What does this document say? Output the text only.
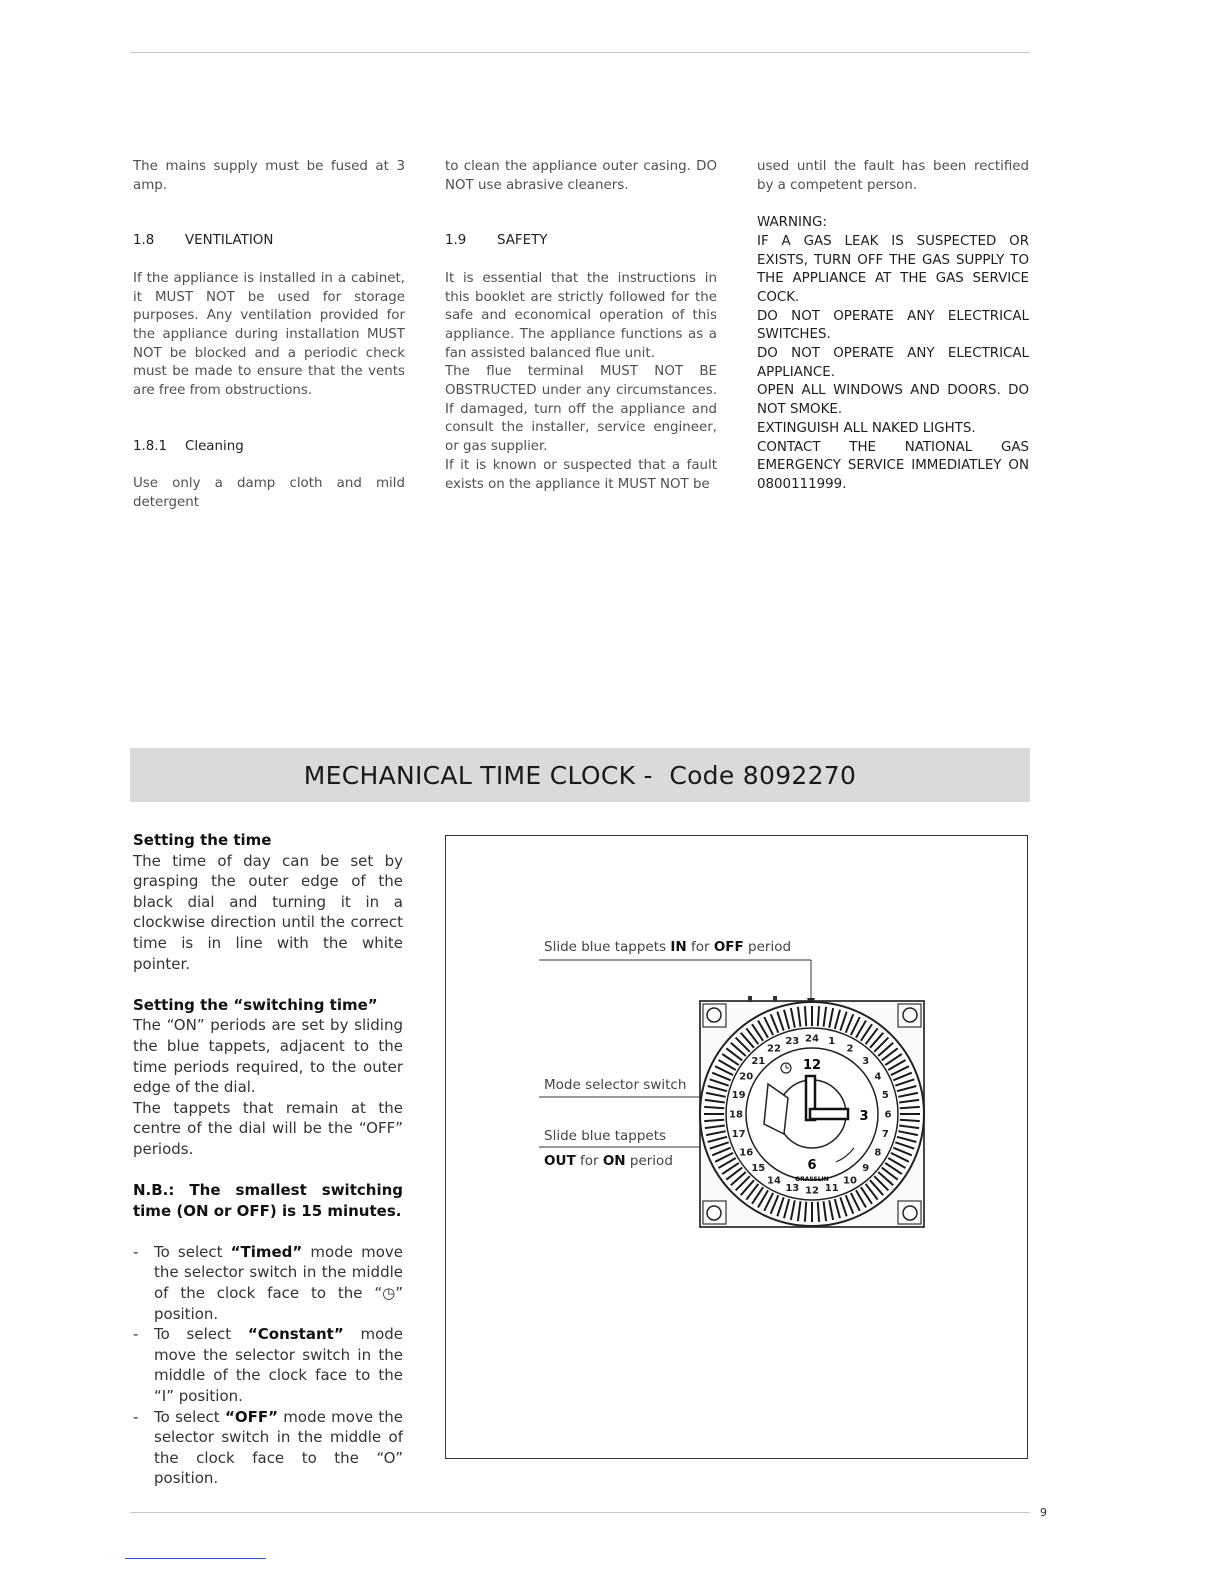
The mains supply must be fused at 3 amp.

1.8 VENTILATION

If the appliance is installed in a cabinet, it MUST NOT be used for storage purposes. Any ventilation provided for the appliance during installation MUST NOT be blocked and a periodic check must be made to ensure that the vents are free from obstructions.

1.8.1 Cleaning

Use only a damp cloth and mild detergent

to clean the appliance outer casing. DO NOT use abrasive cleaners.

1.9 SAFETY

It is essential that the instructions in this booklet are strictly followed for the safe and economical operation of this appliance. The appliance functions as a fan assisted balanced flue unit.

The flue terminal MUST NOT BE OBSTRUCTED under any circumstances. If damaged, turn off the appliance and consult the installer, service engineer, or gas supplier.

If it is known or suspected that a fault exists on the appliance it MUST NOT be

used until the fault has been rectified by a competent person.

WARNING:

IF A GAS LEAK IS SUSPECTED OR EXISTS, TURN OFF THE GAS SUPPLY TO THE APPLIANCE AT THE GAS SERVICE COCK.

DO NOT OPERATE ANY ELECTRICAL SWITCHES.

DO NOT OPERATE ANY ELECTRICAL APPLIANCE.

OPEN ALL WINDOWS AND DOORS. DO NOT SMOKE.

EXTINGUISH ALL NAKED LIGHTS.

CONTACT THE NATIONAL GAS EMERGENCY SERVICE IMMEDIATLEY ON 0800111999.

MECHANICAL TIME CLOCK -  Code 8092270

Setting the time

The time of day can be set by grasping the outer edge of the black dial and turning it in a clockwise direction until the correct time is in line with the white pointer.

Setting the “switching time”

The “ON” periods are set by sliding the blue tappets, adjacent to the time periods required, to the outer edge of the dial.

The tappets that remain at the centre of the dial will be the “OFF” periods.

N.B.: The smallest switching time (ON or OFF) is 15 minutes.

- To select “Timed” mode move the selector switch in the middle of the clock face to the “◷” position.
- To select “Constant” mode move the selector switch in the middle of the clock face to the “I” position.
- To select “OFF” mode move the selector switch in the middle of the clock face to the “O” position.
Slide blue tappets IN for OFF period
Mode selector switch
Slide blue tappets
OUT for ON period
24 1
2
3
4
5
6
7
8
9
10
11
12
13
14
15
16
17
18
19
20
21
22
23
12
3
6
GRASSLIN
9
